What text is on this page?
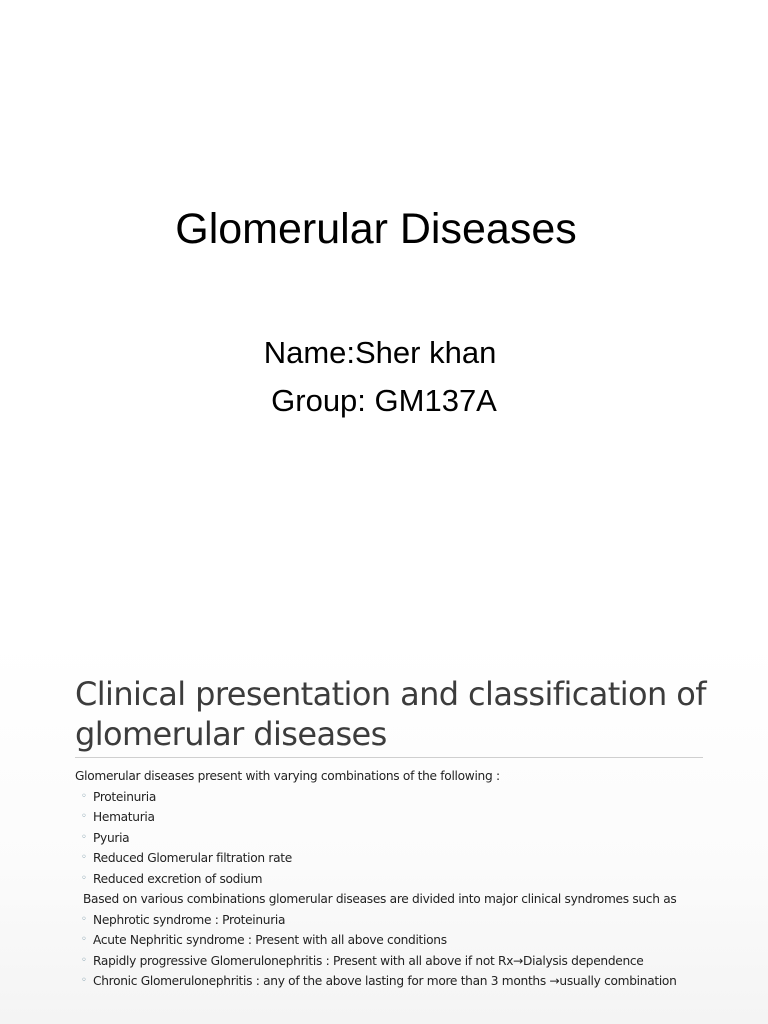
Glomerular Diseases
Name:Sher khan
Group: GM137A
Clinical presentation and classification of
glomerular diseases
Glomerular diseases present with varying combinations of the following :
◦ Proteinuria
◦ Hematuria
◦ Pyuria
◦ Reduced Glomerular filtration rate
◦ Reduced excretion of sodium
Based on various combinations glomerular diseases are divided into major clinical syndromes such as
◦ Nephrotic syndrome : Proteinuria
◦ Acute Nephritic syndrome : Present with all above conditions
◦ Rapidly progressive Glomerulonephritis : Present with all above if not Rx→Dialysis dependence
◦ Chronic Glomerulonephritis : any of the above lasting for more than 3 months →usually combination
